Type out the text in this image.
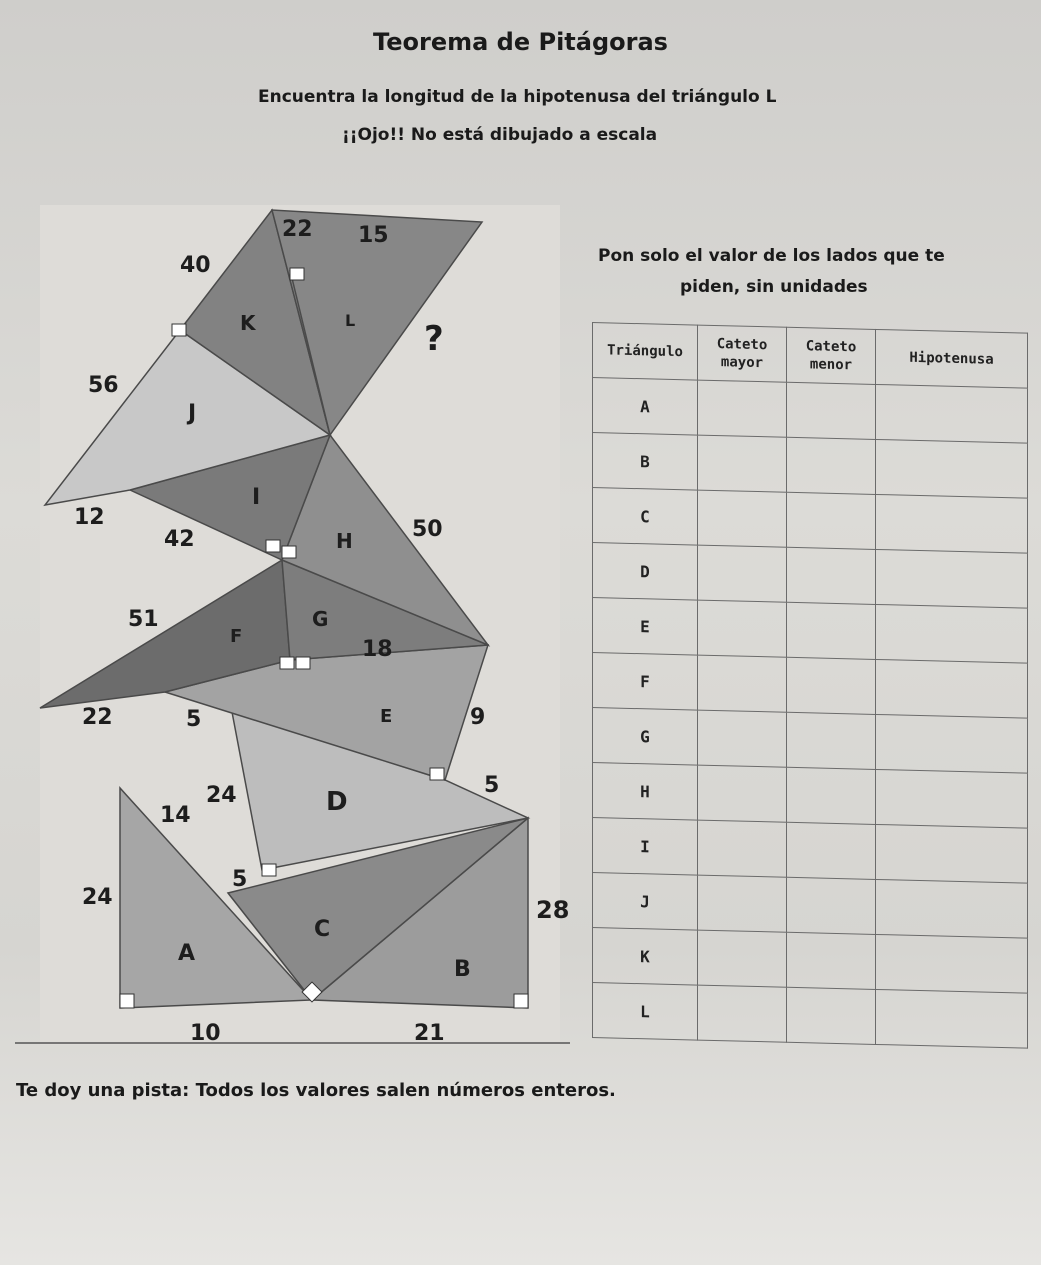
Teorema de Pitágoras
Encuentra la longitud de la hipotenusa del triángulo L
¡¡Ojo!! No está dibujado a escala
A
B
C
D
E
F
G
H
I
J
K	L ?
22 15
40
56
12
42	50
51
18
22	5	9
24
14
5
5
24	28
10	21
Pon solo el valor de los lados que te
piden, sin unidades
Triángulo	Cateto mayor	Cateto menor	Hipotenusa
A			
B			
C			
D			
E			
F			
G			
H			
I			
J			
K			
L			
Te doy una pista: Todos los valores salen números enteros.
